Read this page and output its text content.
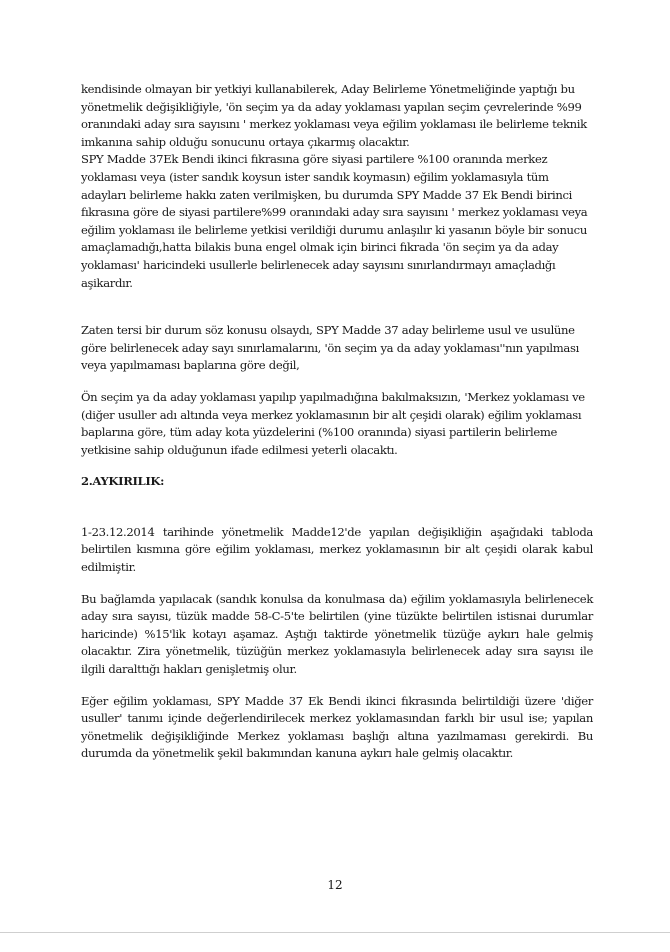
kendisinde olmayan bir yetkiyi kullanabilerek, Aday Belirleme Yönetmeliğinde yaptığı bu yönetmelik değişikliğiyle, 'ön seçim ya da aday yoklaması yapılan seçim çevrelerinde %99 oranındaki aday sıra sayısını ' merkez yoklaması veya eğilim yoklaması ile belirleme teknik imkanına sahip olduğu sonucunu ortaya çıkarmış olacaktır.

SPY Madde 37Ek Bendi ikinci fıkrasına göre siyasi partilere %100 oranında merkez yoklaması veya (ister sandık koysun ister sandık koymasın) eğilim yoklamasıyla tüm adayları belirleme hakkı zaten verilmişken, bu durumda SPY Madde 37 Ek Bendi birinci fıkrasına göre de siyasi partilere%99 oranındaki aday sıra sayısını ' merkez yoklaması veya eğilim yoklaması ile belirleme yetkisi verildiği durumu anlaşılır ki yasanın böyle bir sonucu amaçlamadığı,hatta bilakis buna engel olmak için birinci fıkrada 'ön seçim ya da aday yoklaması' haricindeki usullerle belirlenecek aday sayısını sınırlandırmayı amaçladığı aşikardır.

Zaten tersi bir durum söz konusu olsaydı, SPY Madde 37 aday belirleme usul ve usulüne göre belirlenecek aday sayı sınırlamalarını, 'ön seçim ya da aday yoklaması''nın yapılması veya yapılmaması baplarına göre değil,

Ön seçim ya da aday yoklaması yapılıp yapılmadığına bakılmaksızın, 'Merkez yoklaması ve (diğer usuller adı altında veya merkez yoklamasının bir alt çeşidi olarak) eğilim yoklaması baplarına göre, tüm aday kota yüzdelerini (%100 oranında) siyasi partilerin belirleme yetkisine sahip olduğunun ifade edilmesi yeterli olacaktı.

2.AYKIRILIK:

1-23.12.2014 tarihinde yönetmelik Madde12'de yapılan değişikliğin aşağıdaki tabloda belirtilen kısmına göre eğilim yoklaması, merkez yoklamasının bir alt çeşidi olarak kabul edilmiştir.

Bu bağlamda yapılacak (sandık konulsa da konulmasa da) eğilim yoklamasıyla belirlenecek aday sıra sayısı, tüzük madde 58-C-5'te belirtilen (yine tüzükte belirtilen istisnai durumlar haricinde) %15'lik kotayı aşamaz. Aştığı taktirde yönetmelik tüzüğe aykırı hale gelmiş olacaktır. Zira yönetmelik, tüzüğün merkez yoklamasıyla belirlenecek aday sıra sayısı ile ilgili daralttığı hakları genişletmiş olur.

Eğer eğilim yoklaması, SPY Madde 37 Ek Bendi ikinci fıkrasında belirtildiği üzere 'diğer usuller' tanımı içinde değerlendirilecek merkez yoklamasından farklı bir usul ise; yapılan yönetmelik değişikliğinde Merkez yoklaması başlığı altına yazılmaması gerekirdi. Bu durumda da yönetmelik şekil bakımından kanuna aykırı hale gelmiş olacaktır.

12
